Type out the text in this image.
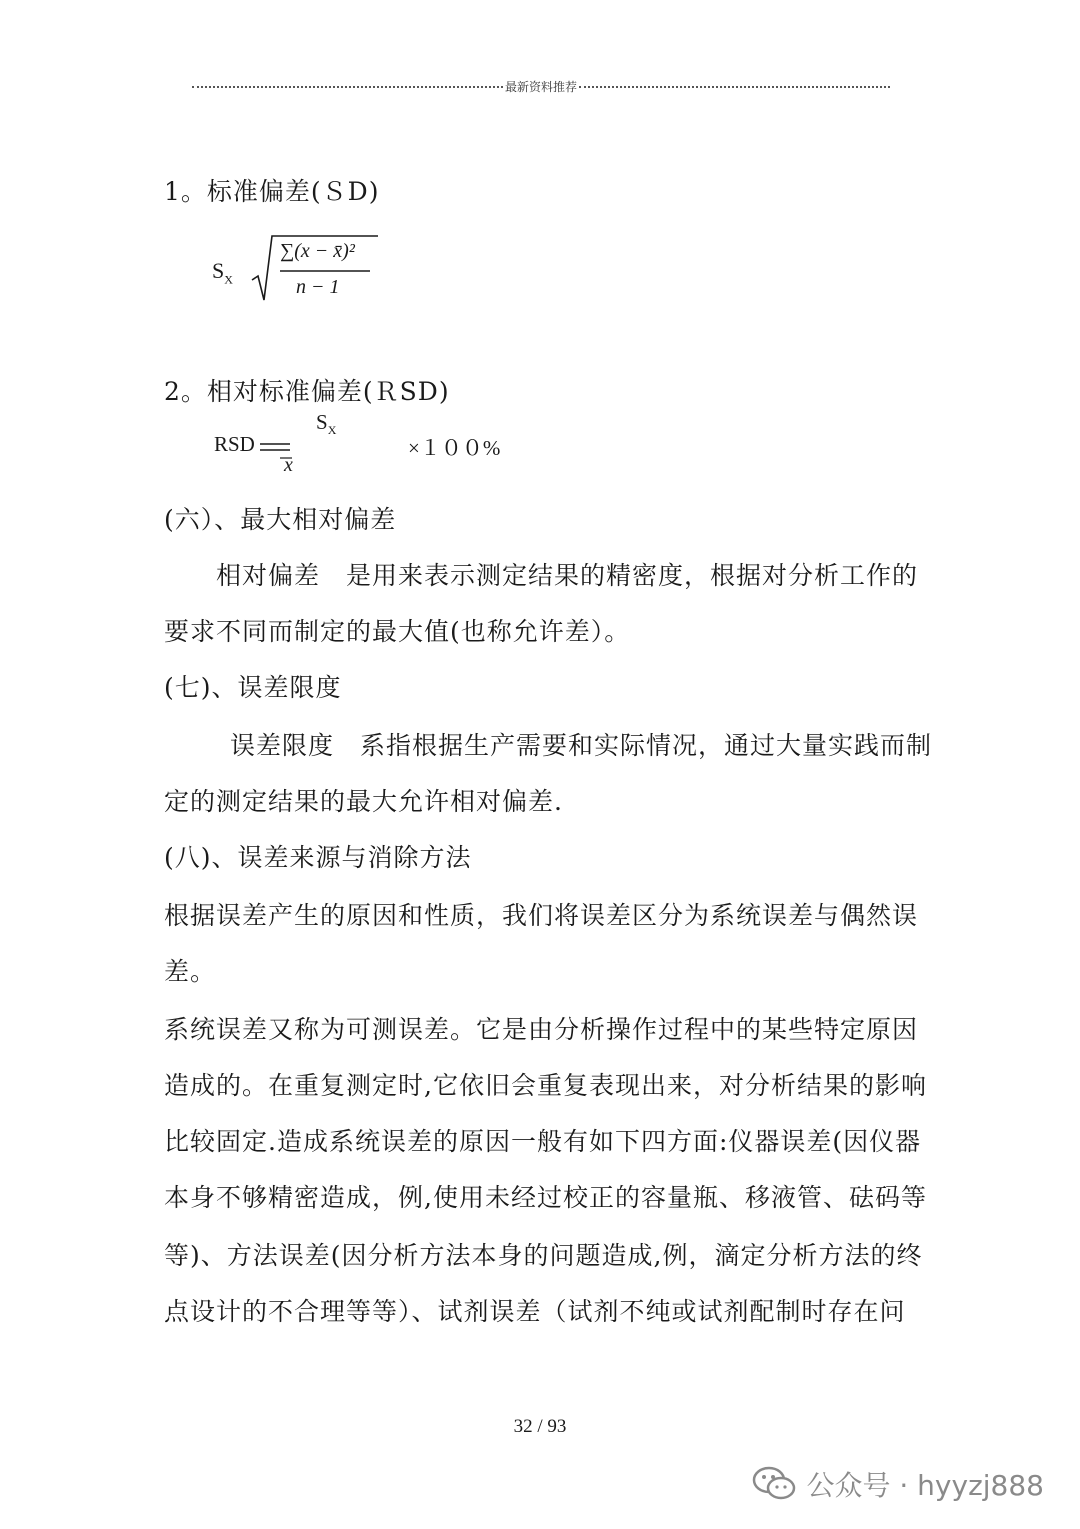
最新资料推荐
1。标准偏差(ＳD)
$S_X$
∑(x − x̄)²
n − 1
2。相对标准偏差(ＲSD)
RSD
$S_X$
x
×１００%
(六）、最大相对偏差
相对偏差　是用来表示测定结果的精密度，根据对分析工作的
要求不同而制定的最大值(也称允许差）。
(七)、误差限度
误差限度　系指根据生产需要和实际情况，通过大量实践而制
定的测定结果的最大允许相对偏差.
(八)、误差来源与消除方法
根据误差产生的原因和性质，我们将误差区分为系统误差与偶然误
差。
系统误差又称为可测误差。它是由分析操作过程中的某些特定原因
造成的。在重复测定时,它依旧会重复表现出来，对分析结果的影响
比较固定.造成系统误差的原因一般有如下四方面:仪器误差(因仪器
本身不够精密造成，例,使用未经过校正的容量瓶、移液管、砝码等
等)、方法误差(因分析方法本身的问题造成,例，滴定分析方法的终
点设计的不合理等等）、试剂误差（试剂不纯或试剂配制时存在问
32 / 93
公众号 · hyyzj888
